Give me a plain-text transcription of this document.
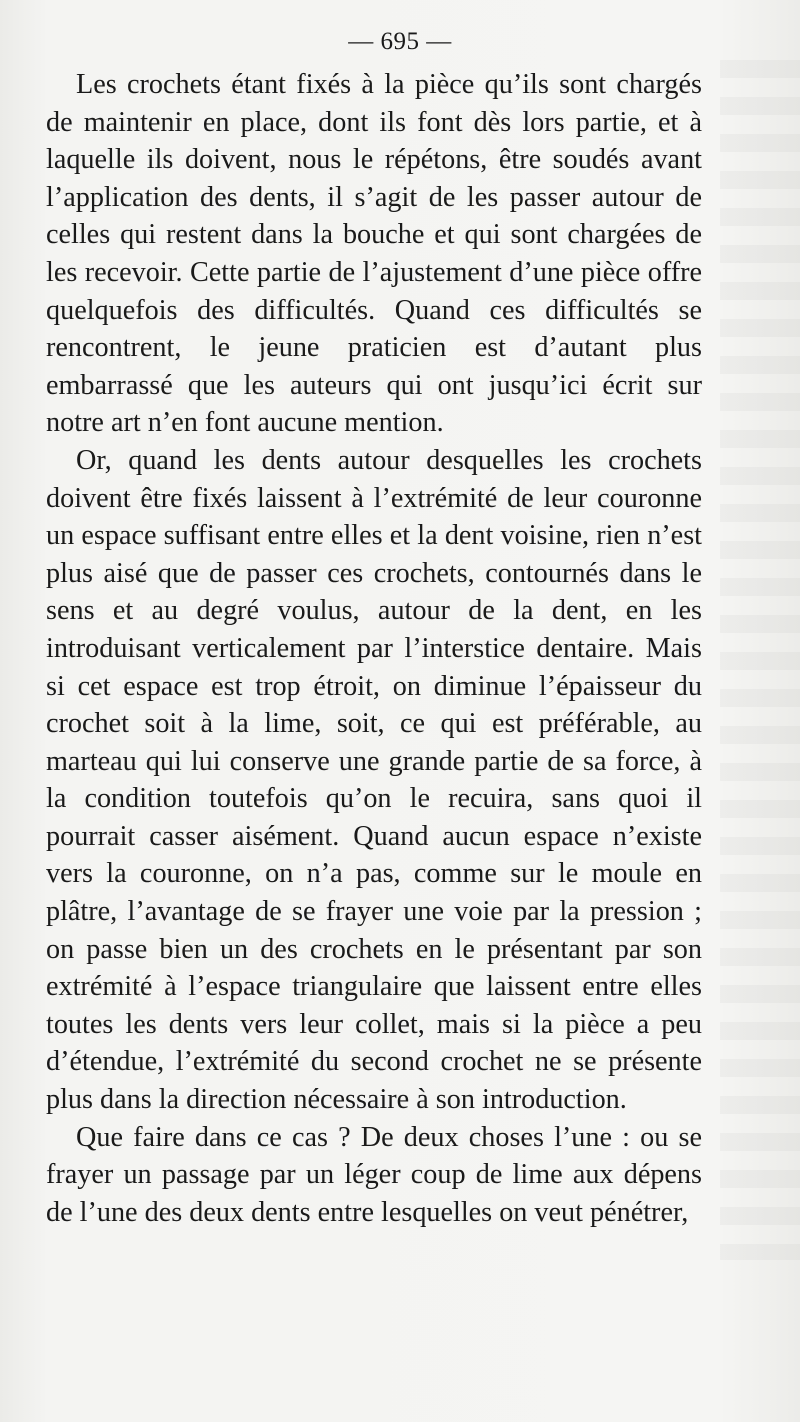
— 695 —

Les crochets étant fixés à la pièce qu’ils sont chargés de maintenir en place, dont ils font dès lors partie, et à laquelle ils doivent, nous le répétons, être soudés avant l’application des dents, il s’agit de les passer autour de celles qui restent dans la bouche et qui sont chargées de les recevoir. Cette partie de l’ajustement d’une pièce offre quelquefois des difficultés. Quand ces difficultés se rencontrent, le jeune praticien est d’autant plus embarrassé que les auteurs qui ont jusqu’ici écrit sur notre art n’en font aucune mention.

Or, quand les dents autour desquelles les crochets doivent être fixés laissent à l’extrémité de leur couronne un espace suffisant entre elles et la dent voisine, rien n’est plus aisé que de passer ces crochets, contournés dans le sens et au degré voulus, autour de la dent, en les introduisant verticalement par l’interstice dentaire. Mais si cet espace est trop étroit, on diminue l’épaisseur du crochet soit à la lime, soit, ce qui est préférable, au marteau qui lui conserve une grande partie de sa force, à la condition toutefois qu’on le recuira, sans quoi il pourrait casser aisément. Quand aucun espace n’existe vers la couronne, on n’a pas, comme sur le moule en plâtre, l’avantage de se frayer une voie par la pression ; on passe bien un des crochets en le présentant par son extrémité à l’espace triangulaire que laissent entre elles toutes les dents vers leur collet, mais si la pièce a peu d’étendue, l’extrémité du second crochet ne se présente plus dans la direction nécessaire à son introduction.

Que faire dans ce cas ? De deux choses l’une : ou se frayer un passage par un léger coup de lime aux dépens de l’une des deux dents entre lesquelles on veut pénétrer,
